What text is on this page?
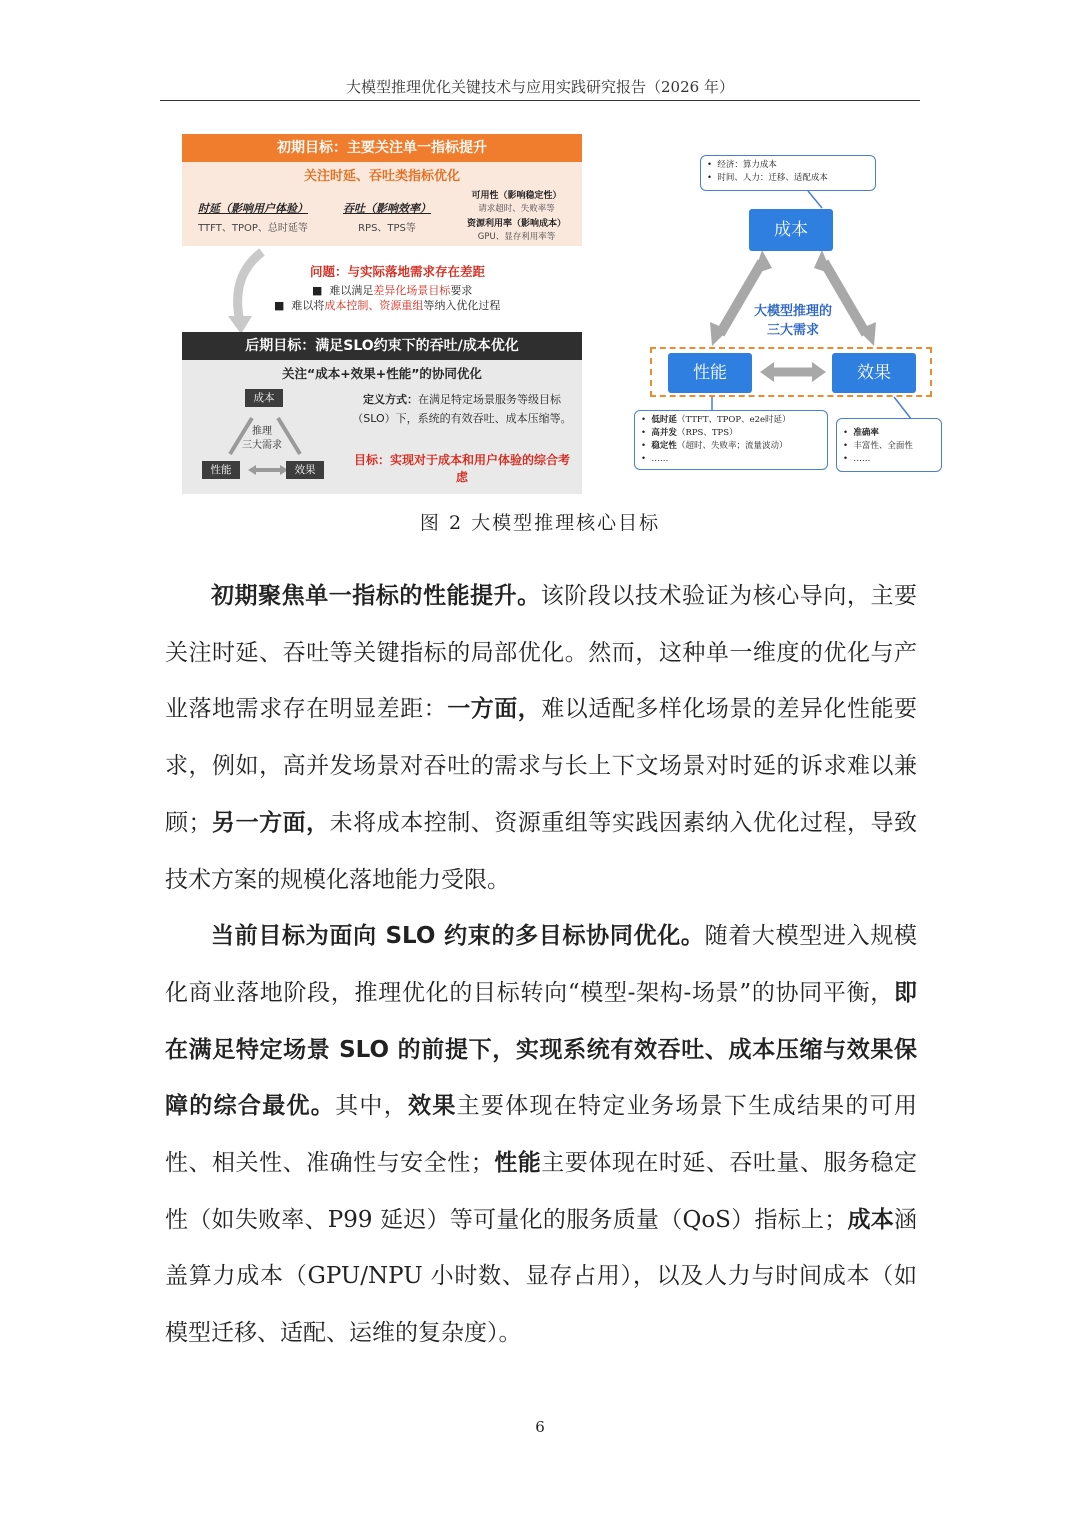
大模型推理优化关键技术与应用实践研究报告（2026 年）
初期目标：主要关注单一指标提升
关注时延、吞吐类指标优化
时延（影响用户体验）
TTFT、TPOP、总时延等
吞吐（影响效率）
RPS、TPS等
可用性（影响稳定性）
请求超时、失败率等
资源利用率（影响成本）
GPU、显存利用率等
问题：与实际落地需求存在差距
■  难以满足差异化场景目标要求
■  难以将成本控制、资源重组等纳入优化过程
后期目标：满足SLO约束下的吞吐/成本优化
关注“成本+效果+性能”的协同优化
成本
推理
三大需求
性能	效果
定义方式：在满足特定场景服务等级目标（SLO）下，系统的有效吞吐、成本压缩等。
目标：实现对于成本和用户体验的综合考虑
•  经济：算力成本
•  时间、人力：迁移、适配成本
成本
大模型推理的
三大需求
性能	效果
•  低时延（TTFT、TPOP、e2e时延）
•  高并发（RPS、TPS）
•  稳定性（超时、失败率；流量波动）
•  ……
•  准确率
•  丰富性、全面性
•  ……
图 2 大模型推理核心目标

初期聚焦单一指标的性能提升。该阶段以技术验证为核心导向，主要关注时延、吞吐等关键指标的局部优化。然而，这种单一维度的优化与产业落地需求存在明显差距：一方面，难以适配多样化场景的差异化性能要求，例如，高并发场景对吞吐的需求与长上下文场景对时延的诉求难以兼顾；另一方面，未将成本控制、资源重组等实践因素纳入优化过程，导致技术方案的规模化落地能力受限。

当前目标为面向 SLO 约束的多目标协同优化。随着大模型进入规模化商业落地阶段，推理优化的目标转向“模型-架构-场景”的协同平衡，即在满足特定场景 SLO 的前提下，实现系统有效吞吐、成本压缩与效果保障的综合最优。其中，效果主要体现在特定业务场景下生成结果的可用性、相关性、准确性与安全性；性能主要体现在时延、吞吐量、服务稳定性（如失败率、P99 延迟）等可量化的服务质量（QoS）指标上；成本涵盖算力成本（GPU/NPU 小时数、显存占用），以及人力与时间成本（如模型迁移、适配、运维的复杂度）。

6
